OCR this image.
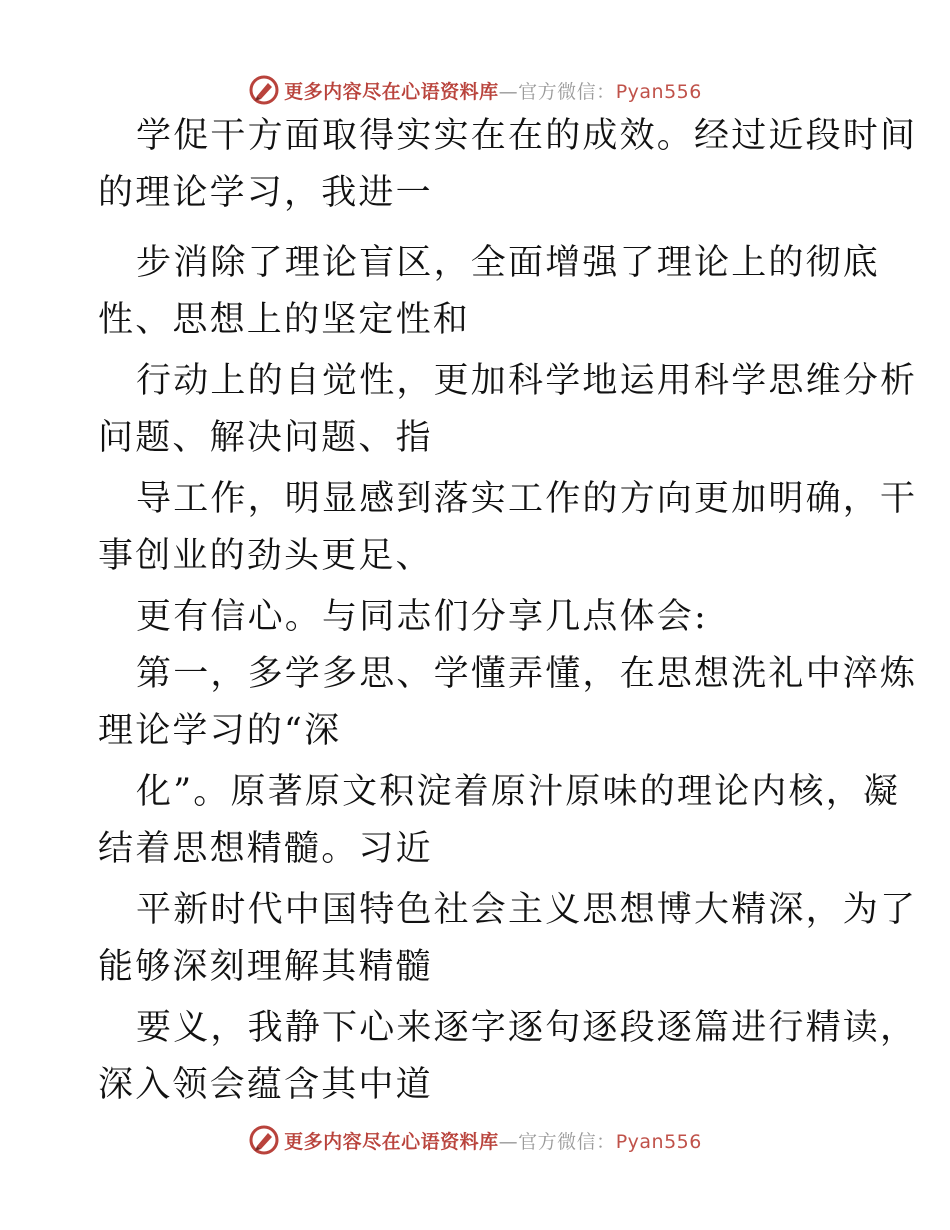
更多内容尽在心语资料库—官方微信：Pyan556
学促干方面取得实实在在的成效。经过近段时间
的理论学习，我进一
步消除了理论盲区，全面增强了理论上的彻底
性、思想上的坚定性和
行动上的自觉性，更加科学地运用科学思维分析
问题、解决问题、指
导工作，明显感到落实工作的方向更加明确，干
事创业的劲头更足、
更有信心。与同志们分享几点体会:
第一，多学多思、学懂弄懂，在思想洗礼中淬炼
理论学习的“深
化”。原著原文积淀着原汁原味的理论内核，凝
结着思想精髓。习近
平新时代中国特色社会主义思想博大精深，为了
能够深刻理解其精髓
要义，我静下心来逐字逐句逐段逐篇进行精读，
深入领会蕴含其中道
更多内容尽在心语资料库—官方微信：Pyan556
